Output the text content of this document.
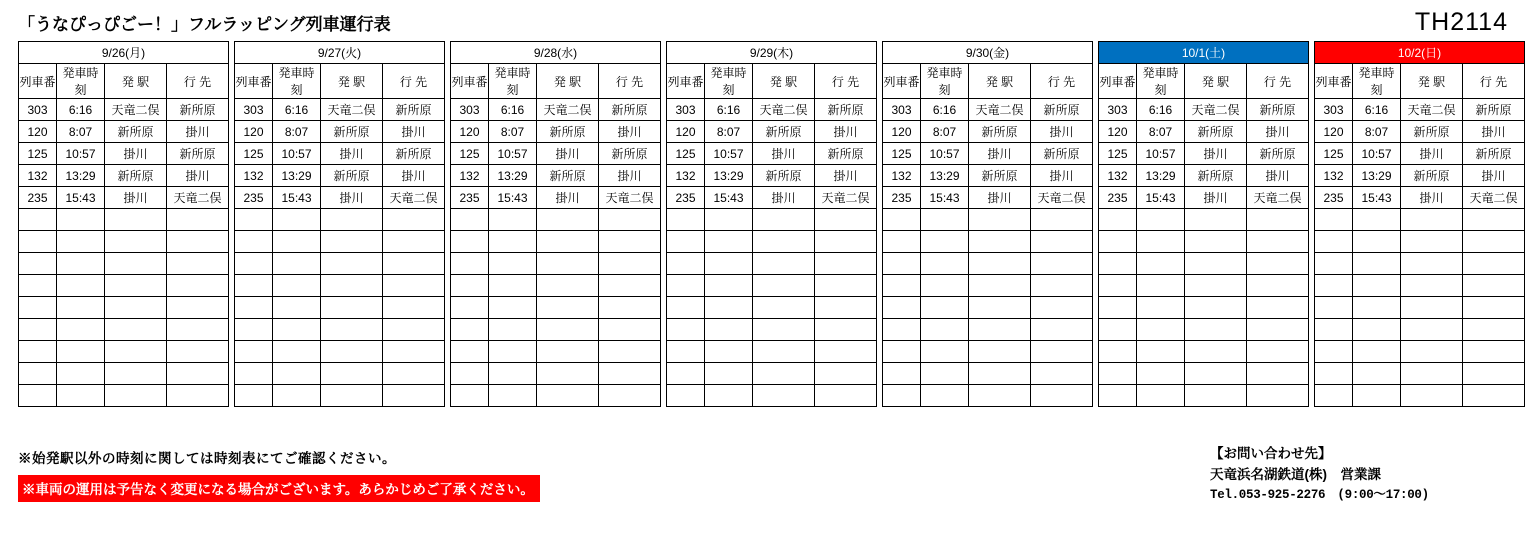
「うなぴっぴごー！」フルラッピング列車運行表	TH2114
9/26(月)					9/27(火)					9/28(水)					9/29(木)					9/30(金)					10/1(土)					10/2(日)			
列車番	発車時刻	発 駅	行 先		列車番	発車時刻	発 駅	行 先		列車番	発車時刻	発 駅	行 先		列車番	発車時刻	発 駅	行 先		列車番	発車時刻	発 駅	行 先		列車番	発車時刻	発 駅	行 先		列車番	発車時刻	発 駅	行 先
303	6:16	天竜二俣	新所原		303	6:16	天竜二俣	新所原		303	6:16	天竜二俣	新所原		303	6:16	天竜二俣	新所原		303	6:16	天竜二俣	新所原		303	6:16	天竜二俣	新所原		303	6:16	天竜二俣	新所原
120	8:07	新所原	掛川		120	8:07	新所原	掛川		120	8:07	新所原	掛川		120	8:07	新所原	掛川		120	8:07	新所原	掛川		120	8:07	新所原	掛川		120	8:07	新所原	掛川
125	10:57	掛川	新所原		125	10:57	掛川	新所原		125	10:57	掛川	新所原		125	10:57	掛川	新所原		125	10:57	掛川	新所原		125	10:57	掛川	新所原		125	10:57	掛川	新所原
132	13:29	新所原	掛川		132	13:29	新所原	掛川		132	13:29	新所原	掛川		132	13:29	新所原	掛川		132	13:29	新所原	掛川		132	13:29	新所原	掛川		132	13:29	新所原	掛川
235	15:43	掛川	天竜二俣		235	15:43	掛川	天竜二俣		235	15:43	掛川	天竜二俣		235	15:43	掛川	天竜二俣		235	15:43	掛川	天竜二俣		235	15:43	掛川	天竜二俣		235	15:43	掛川	天竜二俣

※始発駅以外の時刻に関しては時刻表にてご確認ください。
※車両の運用は予告なく変更になる場合がございます。あらかじめご了承ください。
【お問い合わせ先】
天竜浜名湖鉄道(株)　営業課
Tel.053-925-2276　(9:00〜17:00)
